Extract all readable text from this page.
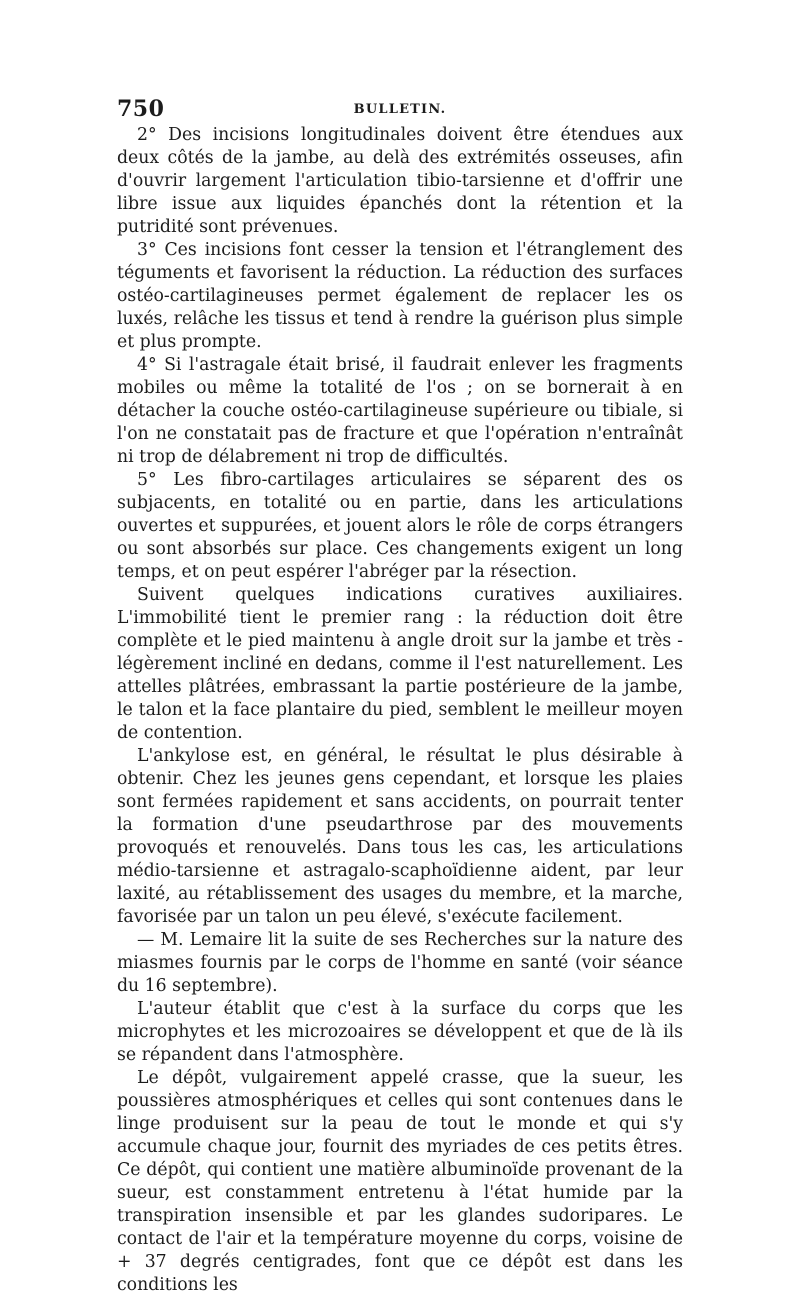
750	BULLETIN.

2° Des incisions longitudinales doivent être étendues aux deux côtés de la jambe, au delà des extrémités osseuses, afin d'ouvrir largement l'articulation tibio-tarsienne et d'offrir une libre issue aux liquides épanchés dont la rétention et la putridité sont prévenues.

3° Ces incisions font cesser la tension et l'étranglement des téguments et favorisent la réduction. La réduction des surfaces ostéo-cartilagineuses permet également de replacer les os luxés, relâche les tissus et tend à rendre la guérison plus simple et plus prompte.

4° Si l'astragale était brisé, il faudrait enlever les fragments mobiles ou même la totalité de l'os ; on se bornerait à en détacher la couche ostéo-cartilagineuse supérieure ou tibiale, si l'on ne constatait pas de fracture et que l'opération n'entraînât ni trop de délabrement ni trop de difficultés.

5° Les fibro-cartilages articulaires se séparent des os subjacents, en totalité ou en partie, dans les articulations ouvertes et suppurées, et jouent alors le rôle de corps étrangers ou sont absorbés sur place. Ces changements exigent un long temps, et on peut espérer l'abréger par la résection.

Suivent quelques indications curatives auxiliaires. L'immobilité tient le premier rang : la réduction doit être complète et le pied maintenu à angle droit sur la jambe et très -légèrement incliné en dedans, comme il l'est naturellement. Les attelles plâtrées, embrassant la partie postérieure de la jambe, le talon et la face plantaire du pied, semblent le meilleur moyen de contention.

L'ankylose est, en général, le résultat le plus désirable à obtenir. Chez les jeunes gens cependant, et lorsque les plaies sont fermées rapidement et sans accidents, on pourrait tenter la formation d'une pseudarthrose par des mouvements provoqués et renouvelés. Dans tous les cas, les articulations médio-tarsienne et astragalo-scaphoïdienne aident, par leur laxité, au rétablissement des usages du membre, et la marche, favorisée par un talon un peu élevé, s'exécute facilement.

— M. Lemaire lit la suite de ses Recherches sur la nature des miasmes fournis par le corps de l'homme en santé (voir séance du 16 septembre).

L'auteur établit que c'est à la surface du corps que les microphytes et les microzoaires se développent et que de là ils se répandent dans l'atmosphère.

Le dépôt, vulgairement appelé crasse, que la sueur, les poussières atmosphériques et celles qui sont contenues dans le linge produisent sur la peau de tout le monde et qui s'y accumule chaque jour, fournit des myriades de ces petits êtres. Ce dépôt, qui contient une matière albuminoïde provenant de la sueur, est constamment entretenu à l'état humide par la transpiration insensible et par les glandes sudoripares. Le contact de l'air et la température moyenne du corps, voisine de + 37 degrés centigrades, font que ce dépôt est dans les conditions les
